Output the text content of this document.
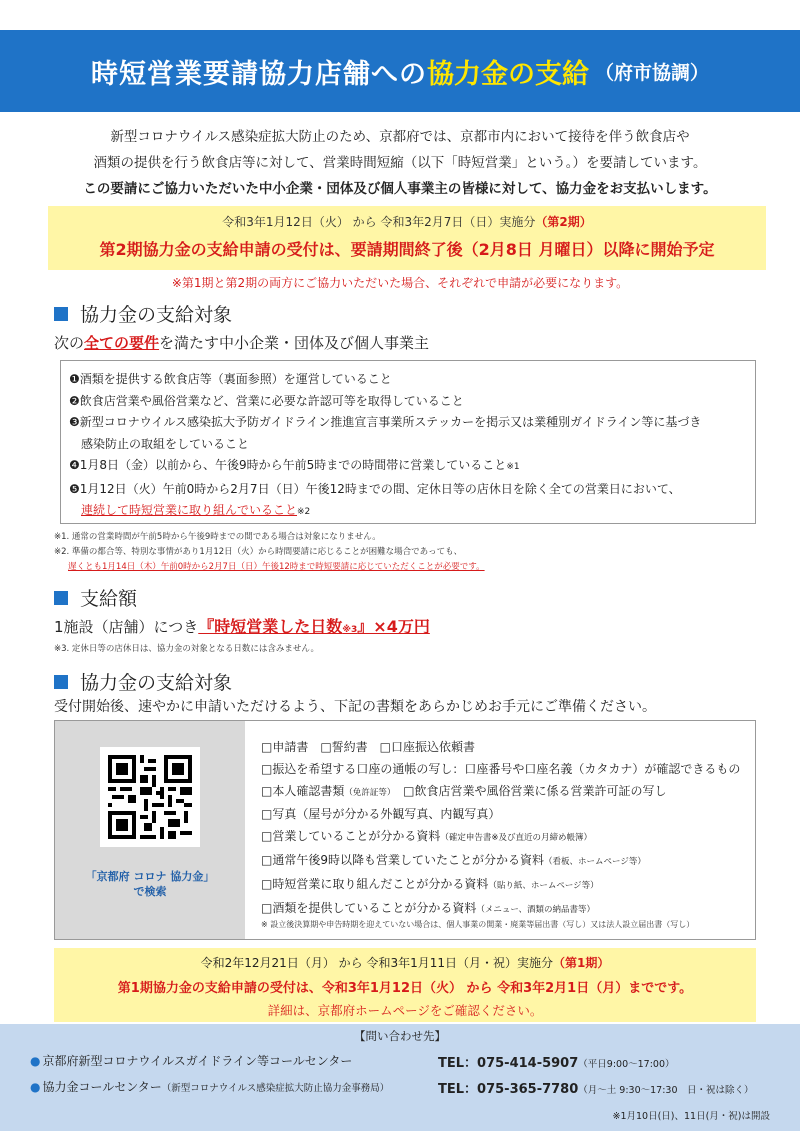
時短営業要請協力店舗への 協力金の支給 （府市協調）
新型コロナウイルス感染症拡大防止のため、京都府では、京都市内において接待を伴う飲食店や
酒類の提供を行う飲食店等に対して、営業時間短縮（以下「時短営業」という。）を要請しています。
この要請にご協力いただいた中小企業・団体及び個人事業主の皆様に対して、協力金をお支払いします。
令和3年1月12日（火） から 令和3年2月7日（日）実施分（第2期）
第2期協力金の支給申請の受付は、要請期間終了後（2月8日 月曜日）以降に開始予定
※第1期と第2期の両方にご協力いただいた場合、それぞれで申請が必要になります。
協力金の支給対象
次の全ての要件を満たす中小企業・団体及び個人事業主
❶酒類を提供する飲食店等（裏面参照）を運営していること
❷飲食店営業や風俗営業など、営業に必要な許認可等を取得していること
❸新型コロナウイルス感染拡大予防ガイドライン推進宣言事業所ステッカーを掲示又は業種別ガイドライン等に基づき
感染防止の取組をしていること
❹1月8日（金）以前から、午後9時から午前5時までの時間帯に営業していること※1
❺1月12日（火）午前0時から2月7日（日）午後12時までの間、定休日等の店休日を除く全ての営業日において、
連続して時短営業に取り組んでいること※2
※1. 通常の営業時間が午前5時から午後9時までの間である場合は対象になりません。
※2. 準備の都合等、特別な事情があり1月12日（火）から時間要請に応じることが困難な場合であっても、
遅くとも1月14日（木）午前0時から2月7日（日）午後12時まで時短要請に応じていただくことが必要です。
支給額
1施設（店舗）につき『時短営業した日数※3』×4万円
※3. 定休日等の店休日は、協力金の対象となる日数には含みません。
協力金の支給対象
受付開始後、速やかに申請いただけるよう、下記の書類をあらかじめお手元にご準備ください。
「京都府 コロナ 協力金」
で検索
□申請書　□誓約書　□口座振込依頼書
□振込を希望する口座の通帳の写し：口座番号や口座名義（カタカナ）が確認できるもの
□本人確認書類（免許証等）　□飲食店営業や風俗営業に係る営業許可証の写し
□写真（屋号が分かる外観写真、内観写真）
□営業していることが分かる資料（確定申告書※及び直近の月締め帳簿）
□通常午後9時以降も営業していたことが分かる資料（看板、ホームページ等）
□時短営業に取り組んだことが分かる資料（貼り紙、ホームページ等）
□酒類を提供していることが分かる資料（メニュー、酒類の納品書等）
※ 設立後決算期や申告時期を迎えていない場合は、個人事業の開業・廃業等届出書（写し）又は法人設立届出書（写し）
令和2年12月21日（月） から 令和3年1月11日（月・祝）実施分（第1期）
第1期協力金の支給申請の受付は、令和3年1月12日（火） から 令和3年2月1日（月）までです。
詳細は、京都府ホームページをご確認ください。
【問い合わせ先】
● 京都府新型コロナウイルスガイドライン等コールセンター	TEL：075-414-5907（平日9:00～17:00）
● 協力金コールセンター （新型コロナウイルス感染症拡大防止協力金事務局）	TEL：075-365-7780（月～土 9:30～17:30　日・祝は除く）
※1月10日(日)、11日(月・祝)は開設
